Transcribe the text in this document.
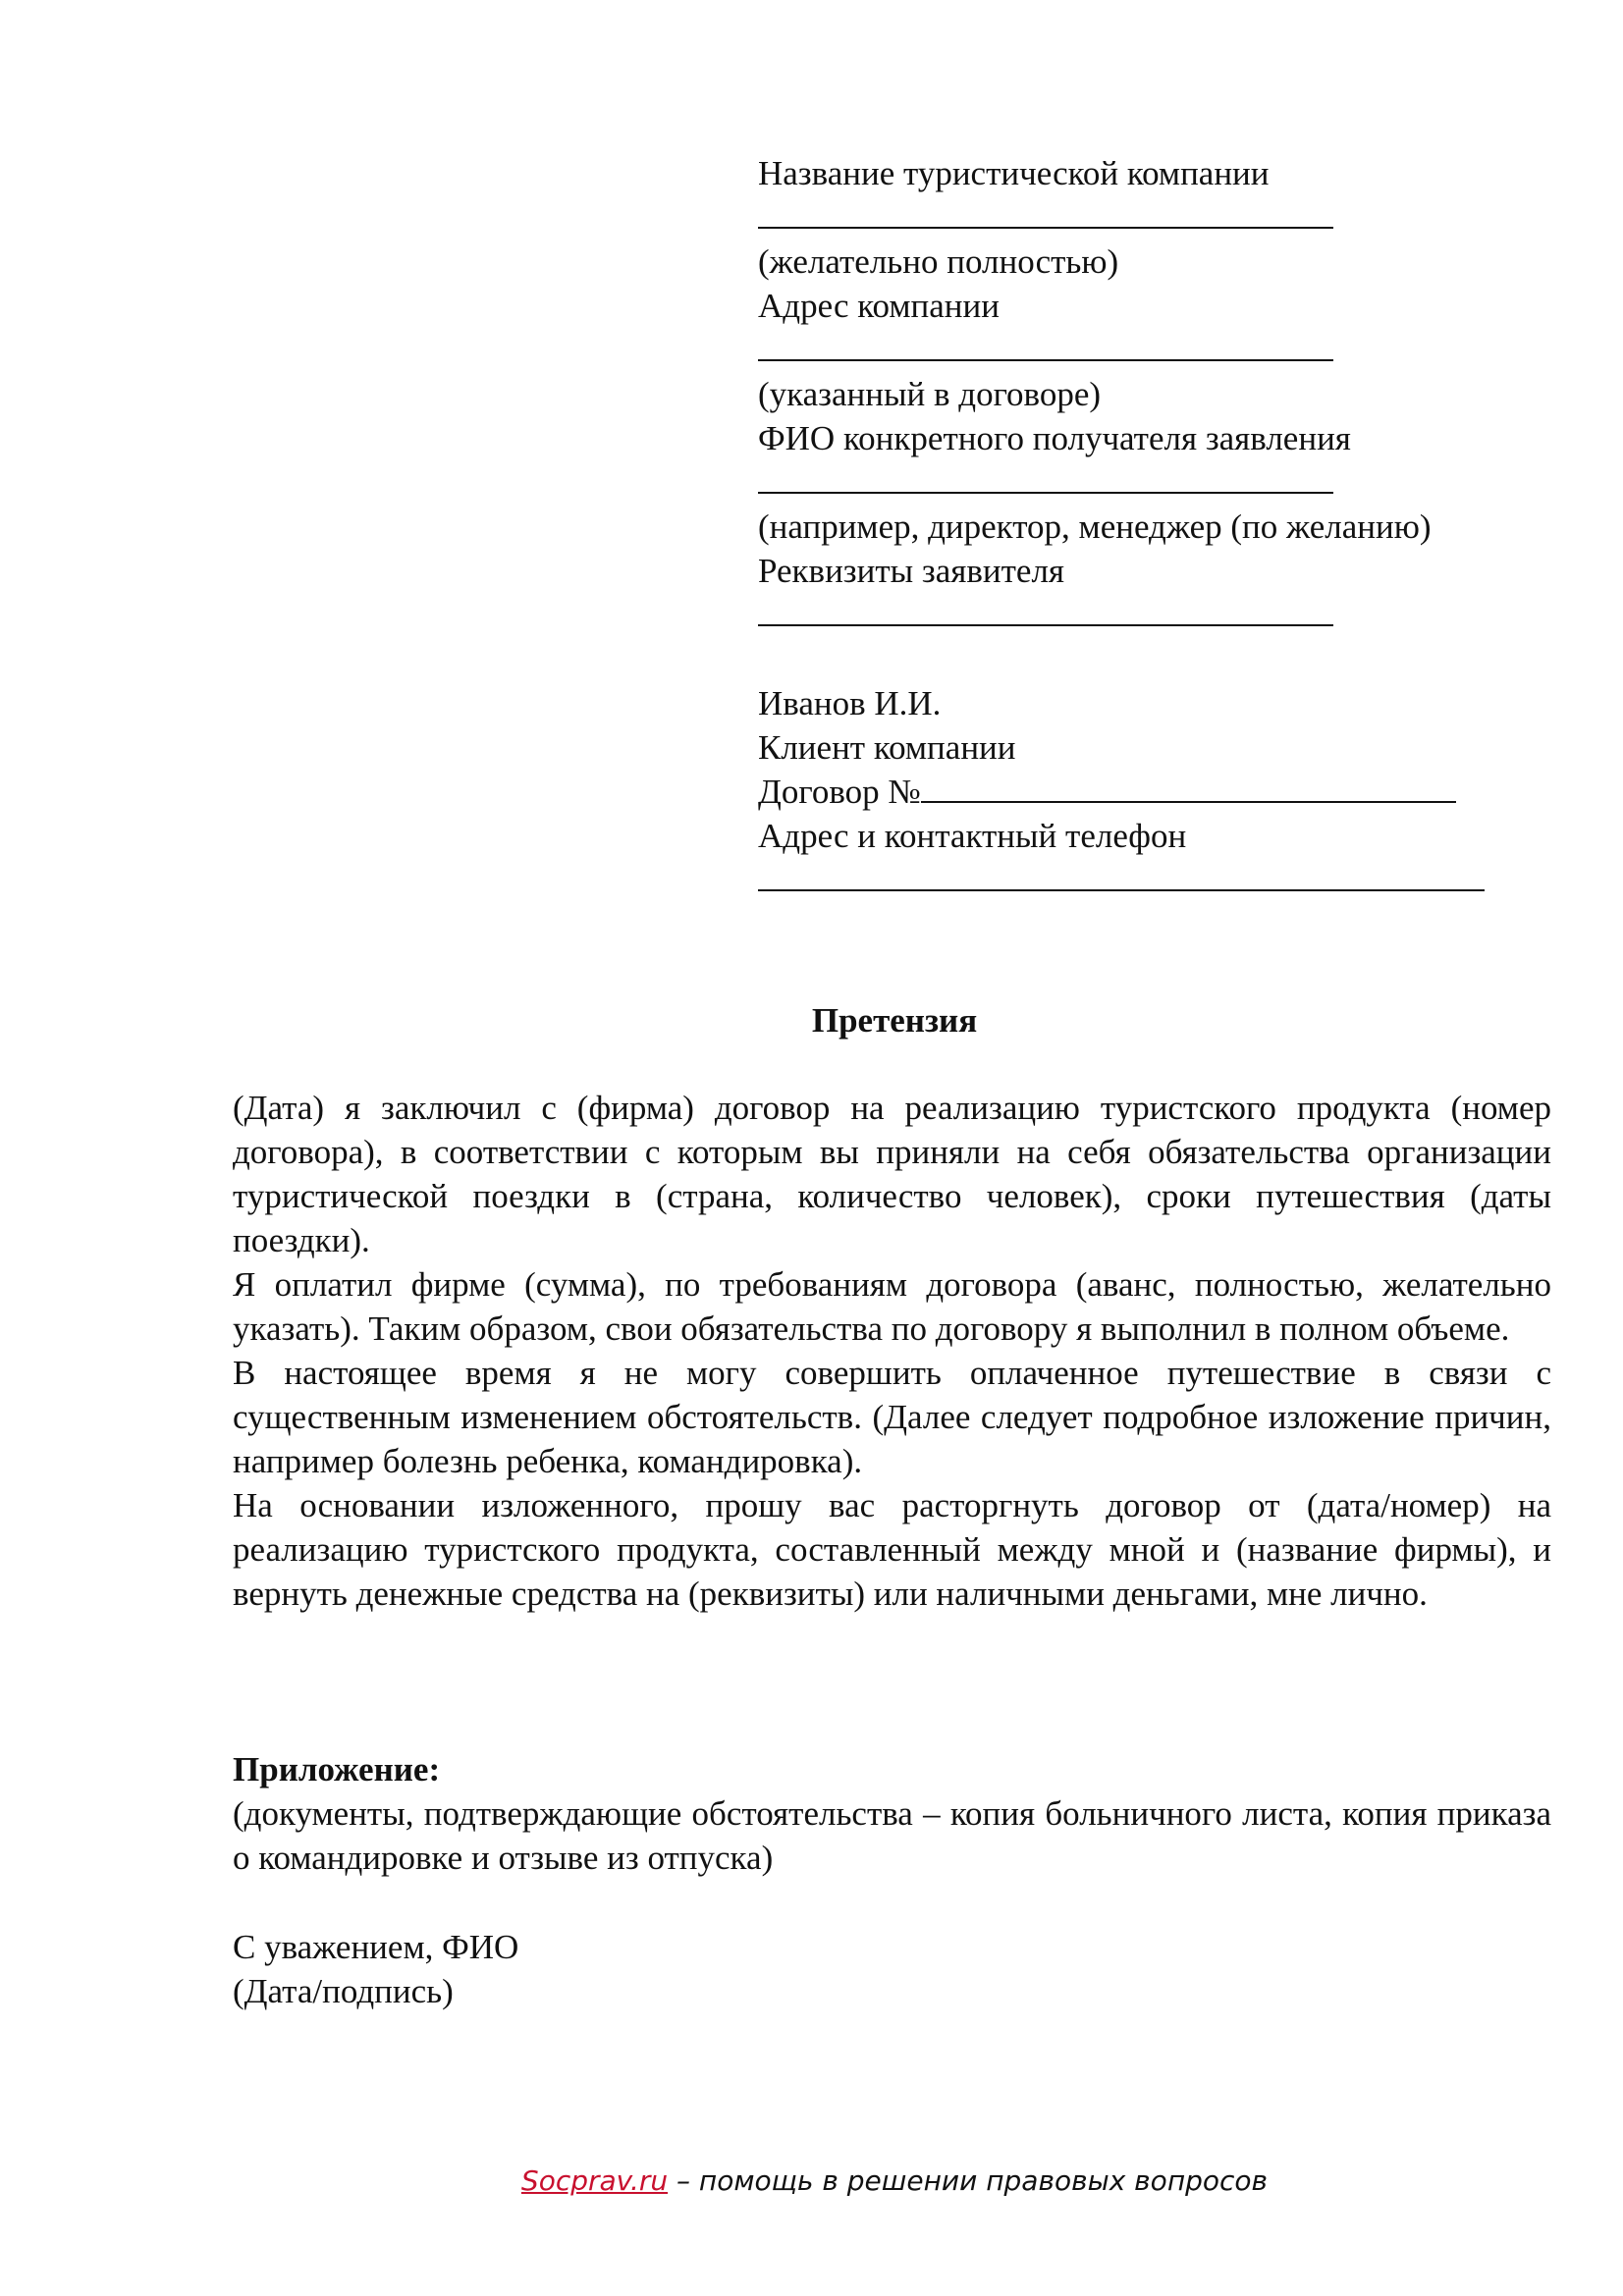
Название туристической компании
(желательно полностью)
Адрес компании
(указанный в договоре)
ФИО конкретного получателя заявления
(например, директор, менеджер (по желанию)
Реквизиты заявителя
Иванов И.И.
Клиент компании
Договор №
Адрес и контактный телефон
Претензия

(Дата) я заключил с (фирма) договор на реализацию туристского продукта (номер договора), в соответствии с которым вы приняли на себя обязательства организации туристической поездки в (страна, количество человек), сроки путешествия (даты поездки).

Я оплатил фирме (сумма), по требованиям договора (аванс, полностью, желательно указать). Таким образом, свои обязательства по договору я выполнил в полном объеме.

В настоящее время я не могу совершить оплаченное путешествие в связи с существенным изменением обстоятельств. (Далее следует подробное изложение причин, например болезнь ребенка, командировка).

На основании изложенного, прошу вас расторгнуть договор от (дата/номер) на реализацию туристского продукта, составленный между мной и (название фирмы), и вернуть денежные средства на (реквизиты) или наличными деньгами, мне лично.

Приложение:

(документы, подтверждающие обстоятельства – копия больничного листа, копия приказа о командировке и отзыве из отпуска)

С уважением, ФИО
(Дата/подпись)
Socprav.ru – помощь в решении правовых вопросов
